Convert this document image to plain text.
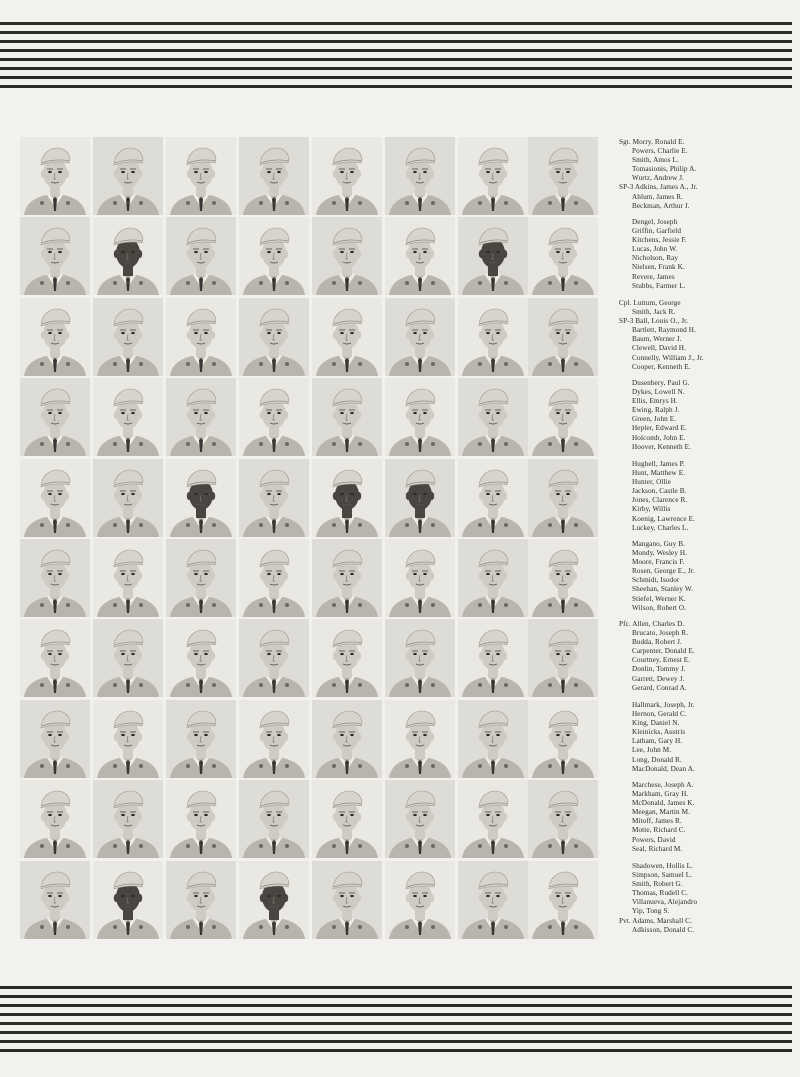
Sgt. Morry, Ronald E.
Powers, Charlie E.
Smith, Amos L.
Tomasionis, Philip A.
Wurtz, Andrew J.
SP-3 Adkins, James A., Jr.
Ahlum, James R.
Beckman, Arthur J.
Dengel, Joseph
Griffin, Garfield
Kitchens, Jessie F.
Lucas, John W.
Nicholson, Ray
Nielsen, Frank K.
Revere, James
Stubbs, Farmer L.
Cpl. Luttum, George
Smith, Jack R.
SP-3 Ball, Louis O., Jr.
Bartlett, Raymond H.
Baum, Werner J.
Clewell, David H.
Connelly, William J., Jr.
Cooper, Kenneth E.
Dusenbery, Paul G.
Dykes, Lowell N.
Ellis, Emrys H.
Ewing, Ralph J.
Green, John E.
Hepler, Edward E.
Holcomb, John E.
Hoover, Kenneth E.
Hughell, James P.
Hunt, Matthew E.
Hunter, Ollie
Jackson, Castle B.
Jones, Clarence R.
Kirby, Willis
Koenig, Lawrence E.
Luckey, Charles L.
Mangano, Guy B.
Mondy, Wesley H.
Moore, Francis F.
Rosen, George E., Jr.
Schmidt, Isodor
Sheehan, Stanley W.
Stiefel, Werner K.
Wilson, Robert O.
Pfc. Allen, Charles D.
Brucato, Joseph R.
Budda, Robert J.
Carpenter, Donald E.
Courtney, Ernest E.
Donlin, Tommy J.
Garrett, Dewey J.
Gerard, Conrad A.
Hallmark, Joseph, Jr.
Hernon, Gerald C.
King, Daniel N.
Kleinicks, Austris
Latham, Gary H.
Lee, John M.
Long, Donald R.
MacDonald, Dean A.
Marchese, Joseph A.
Markham, Gray H.
McDonald, James K.
Meegan, Martin M.
Mitoff, James R.
Motte, Richard C.
Powers, David
Seal, Richard M.
Shadowen, Hollis L.
Simpson, Samuel L.
Smith, Robert G.
Thomas, Rudell C.
Villanueva, Alejandro
Yip, Tong S.
Pvt. Adams, Marshall C.
Adkisson, Donald C.
